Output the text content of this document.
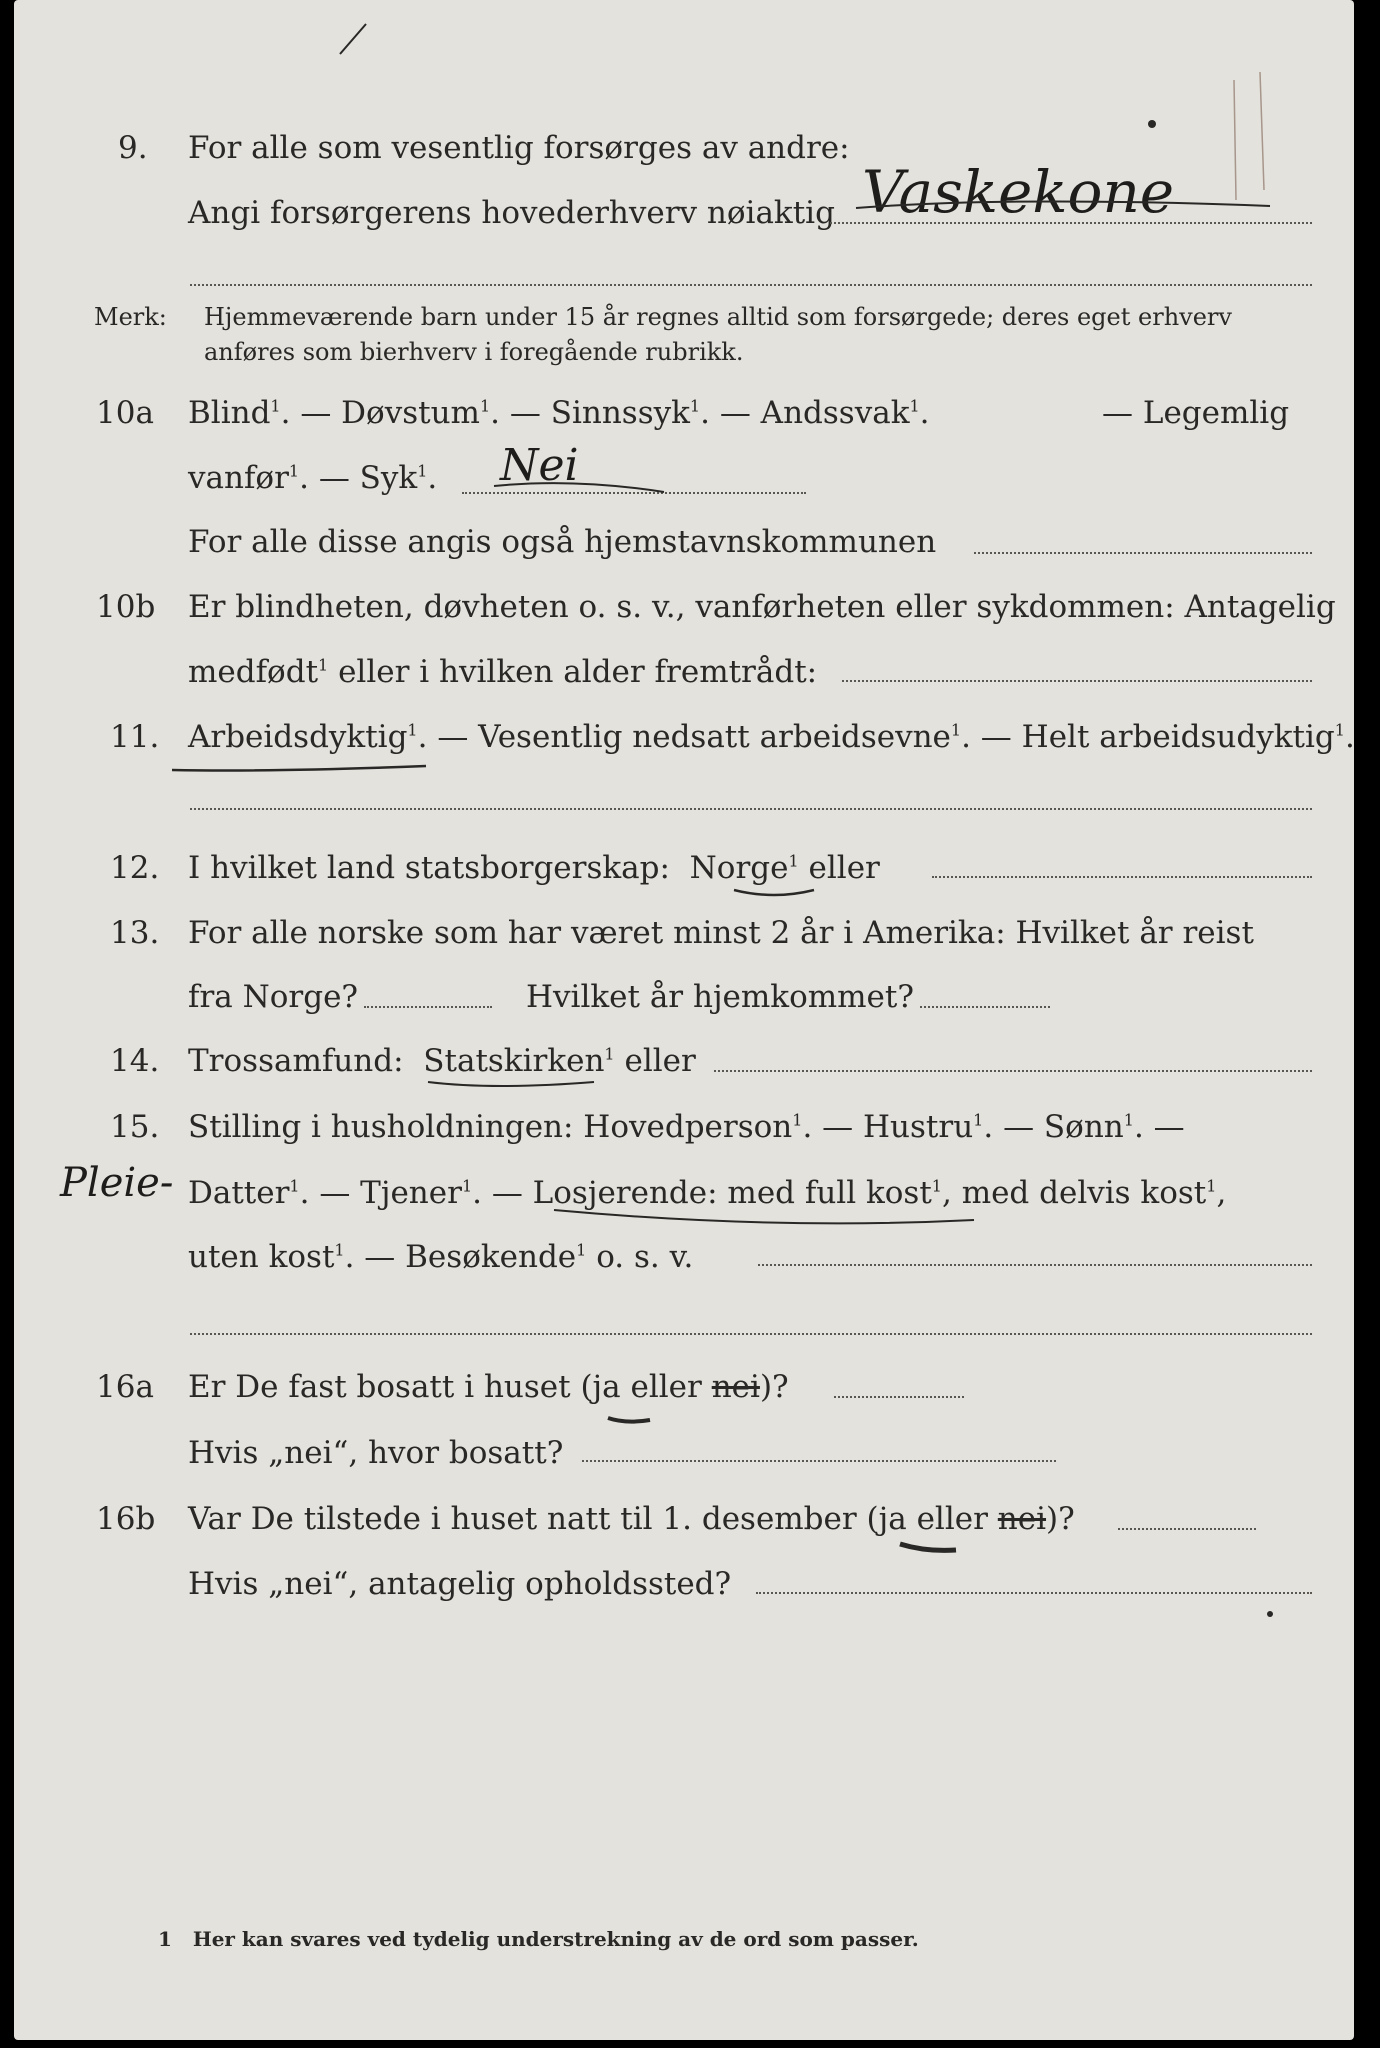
9. For alle som vesentlig forsørges av andre:
Vaskekone
Angi forsørgerens hovederhverv nøiaktig
Merk: Hjemmeværende barn under 15 år regnes alltid som forsørgede; deres eget erhverv
anføres som bierhverv i foregående rubrikk.
10a Blind$^1$. — Døvstum$^1$. — Sinnssyk$^1$. — Andssvak$^1$.	— Legemlig
vanfør$^1$. — Syk$^1$. Nei
For alle disse angis også hjemstavnskommunen
10b Er blindheten, døvheten o. s. v., vanførheten eller sykdommen: Antagelig
medfødt$^1$ eller i hvilken alder fremtrådt:
11. Arbeidsdyktig$^1$. — Vesentlig nedsatt arbeidsevne$^1$. — Helt arbeidsudyktig$^1$.
12. I hvilket land statsborgerskap: Norge$^1$ eller
13. For alle norske som har været minst 2 år i Amerika: Hvilket år reist
fra Norge?	Hvilket år hjemkommet?
14. Trossamfund: Statskirken$^1$ eller
15. Stilling i husholdningen: Hovedperson$^1$. — Hustru$^1$. — Sønn$^1$. —
Pleie- Datter$^1$. — Tjener$^1$. — Losjerende: med full kost$^1$, med delvis kost$^1$,
uten kost$^1$. — Besøkende$^1$ o. s. v.
16a Er De fast bosatt i huset (ja eller nei)?
Hvis „nei“, hvor bosatt?
16b Var De tilstede i huset natt til 1. desember (ja eller nei)?
Hvis „nei“, antagelig opholdssted?
1 Her kan svares ved tydelig understrekning av de ord som passer.
